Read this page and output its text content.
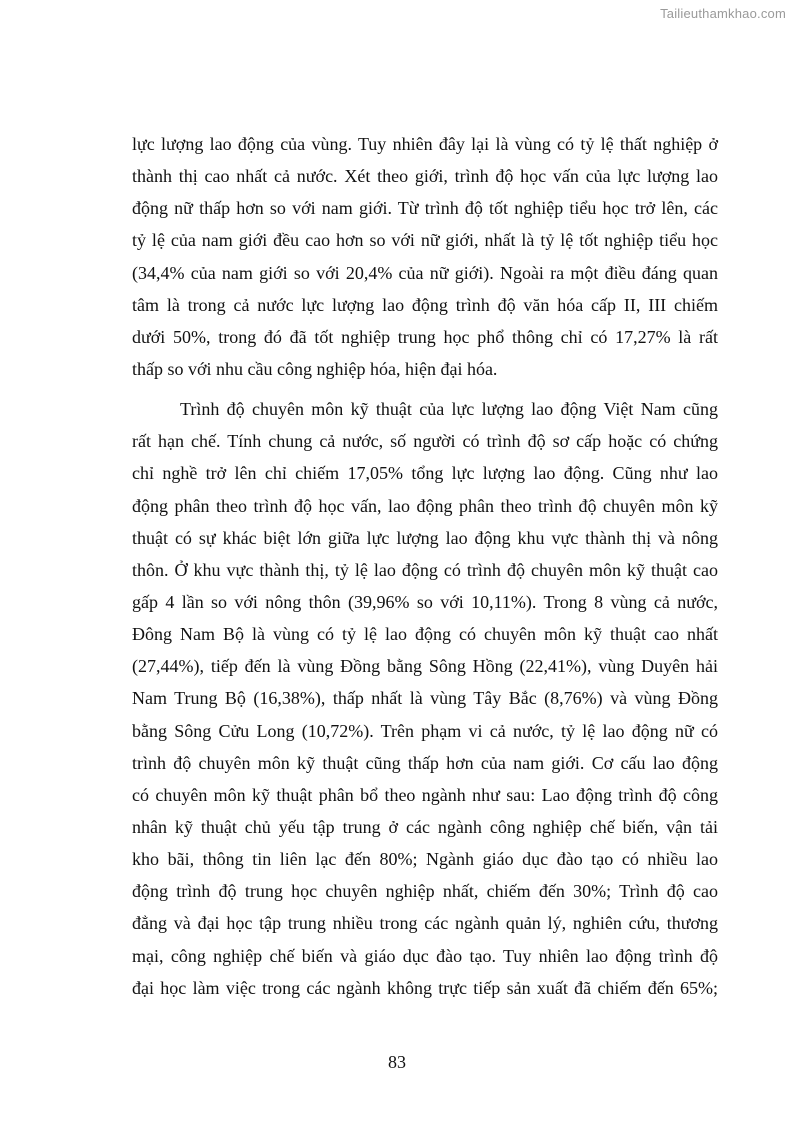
Tailieuthamkhao.com
lực lượng lao động của vùng. Tuy nhiên đây lại là vùng có tỷ lệ thất nghiệp ở
thành thị cao nhất cả nước. Xét theo giới, trình độ học vấn của lực lượng lao
động nữ thấp hơn so với nam giới. Từ trình độ tốt nghiệp tiểu học trở lên, các
tỷ lệ của nam giới đều cao hơn so với nữ giới, nhất là tỷ lệ tốt nghiệp tiểu học
(34,4% của nam giới so với 20,4% của nữ giới). Ngoài ra một điều đáng quan
tâm là trong cả nước lực lượng lao động trình độ văn hóa cấp II, III chiếm
dưới 50%, trong đó đã tốt nghiệp trung học phổ thông chỉ có 17,27% là rất
thấp so với nhu cầu công nghiệp hóa, hiện đại hóa.
Trình độ chuyên môn kỹ thuật của lực lượng lao động Việt Nam cũng
rất hạn chế. Tính chung cả nước, số người có trình độ sơ cấp hoặc có chứng
chỉ nghề trở lên chỉ chiếm 17,05% tổng lực lượng lao động. Cũng như lao
động phân theo trình độ học vấn, lao động phân theo trình độ chuyên môn kỹ
thuật có sự khác biệt lớn giữa lực lượng lao động khu vực thành thị và nông
thôn. Ở khu vực thành thị, tỷ lệ lao động có trình độ chuyên môn kỹ thuật cao
gấp 4 lần so với nông thôn (39,96% so với 10,11%). Trong 8 vùng cả nước,
Đông Nam Bộ là vùng có tỷ lệ lao động có chuyên môn kỹ thuật cao nhất
(27,44%), tiếp đến là vùng Đồng bằng Sông Hồng (22,41%), vùng Duyên hải
Nam Trung Bộ (16,38%), thấp nhất là vùng Tây Bắc (8,76%) và vùng Đồng
bằng Sông Cửu Long (10,72%). Trên phạm vi cả nước, tỷ lệ lao động nữ có
trình độ chuyên môn kỹ thuật cũng thấp hơn của nam giới. Cơ cấu lao động
có chuyên môn kỹ thuật phân bổ theo ngành như sau: Lao động trình độ công
nhân kỹ thuật chủ yếu tập trung ở các ngành công nghiệp chế biến, vận tải
kho bãi, thông tin liên lạc đến 80%; Ngành giáo dục đào tạo có nhiều lao
động trình độ trung học chuyên nghiệp nhất, chiếm đến 30%; Trình độ cao
đẳng và đại học tập trung nhiều trong các ngành quản lý, nghiên cứu, thương
mại, công nghiệp chế biến và giáo dục đào tạo. Tuy nhiên lao động trình độ
đại học làm việc trong các ngành không trực tiếp sản xuất đã chiếm đến 65%;
83
